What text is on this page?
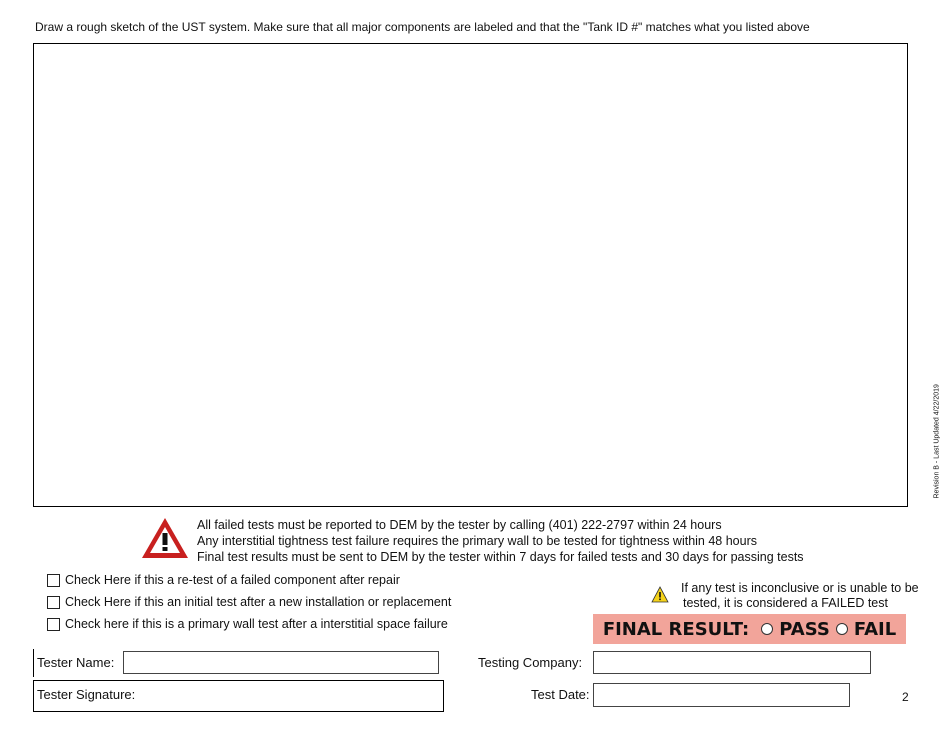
Draw a rough sketch of the UST system. Make sure that all major components are labeled and that the "Tank ID #" matches what you listed above
Revision B - Last Updated 4/22/2019
All failed tests must be reported to DEM by the tester by calling (401) 222-2797 within 24 hours
Any interstitial tightness test failure requires the primary wall to be tested for tightness within 48 hours
Final test results must be sent to DEM by the tester within 7 days for failed tests and 30 days for passing tests
Check Here if this a re-test of a failed component after repair
Check Here if this an initial test after a new installation or replacement
Check here if this is a primary wall test after a interstitial space failure
If any test is inconclusive or is unable to be
tested, it is considered a FAILED test
FINAL RESULT: PASS FAIL
Tester Name:
Tester Signature:
Testing Company:
Test Date:	2
